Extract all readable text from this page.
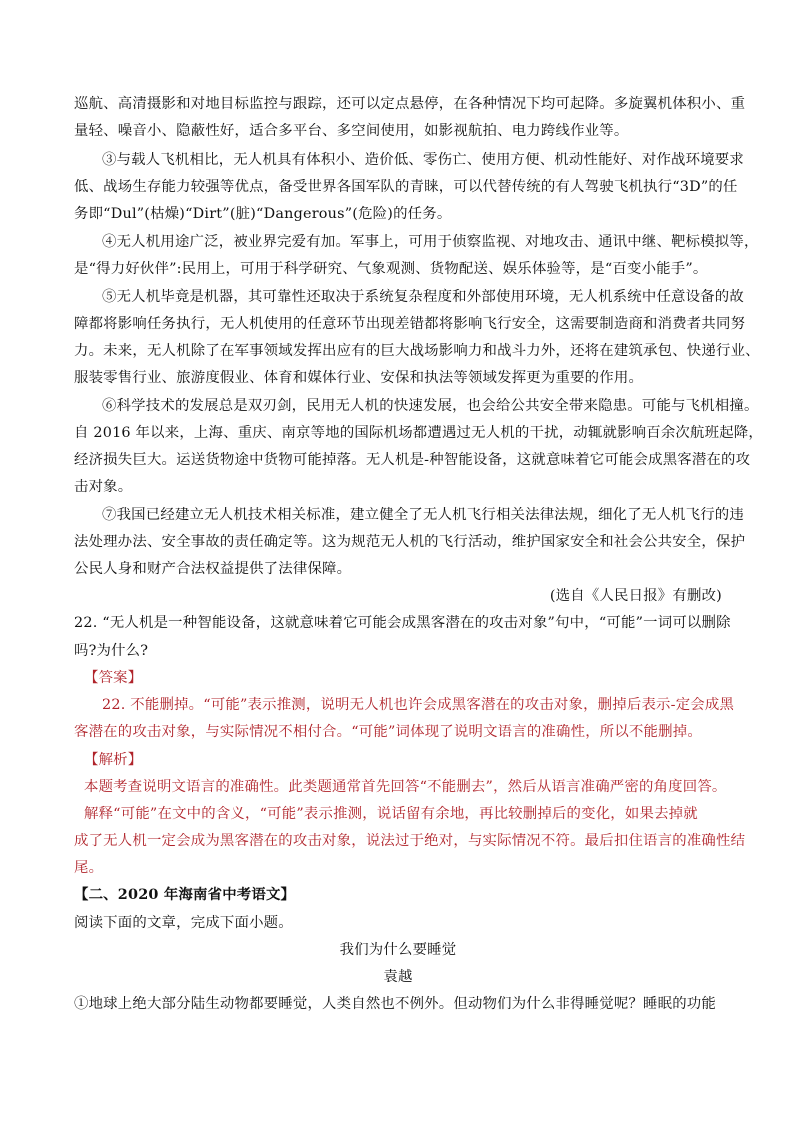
巡航、高清摄影和对地目标监控与跟踪，还可以定点悬停，在各种情况下均可起降。多旋翼机体积小、重
量轻、噪音小、隐蔽性好，适合多平台、多空间使用，如影视航拍、电力跨线作业等。
③与载人飞机相比，无人机具有体积小、造价低、零伤亡、使用方便、机动性能好、对作战环境要求
低、战场生存能力较强等优点，备受世界各国军队的青睐，可以代替传统的有人驾驶飞机执行“3D”的任
务即“Dul”(枯燥)“Dirt”(脏)“Dangerous”(危险)的任务。
④无人机用途广泛，被业界完爱有加。军事上，可用于侦察监视、对地攻击、通讯中继、靶标模拟等，
是“得力好伙伴”:民用上，可用于科学研究、气象观测、货物配送、娱乐体验等，是“百变小能手”。
⑤无人机毕竟是机器，其可靠性还取决于系统复杂程度和外部使用环境，无人机系统中任意设备的故
障都将影响任务执行，无人机使用的任意环节出现差错都将影响飞行安全，这需要制造商和消费者共同努
力。未来，无人机除了在军事领域发挥出应有的巨大战场影响力和战斗力外，还将在建筑承包、快递行业、
服装零售行业、旅游度假业、体育和媒体行业、安保和执法等领域发挥更为重要的作用。
⑥科学技术的发展总是双刃剑，民用无人机的快速发展，也会给公共安全带来隐患。可能与飞机相撞。
自 2016 年以来，上海、重庆、南京等地的国际机场都遭遇过无人机的干扰，动辄就影响百余次航班起降，
经济损失巨大。运送货物途中货物可能掉落。无人机是-种智能设备，这就意味着它可能会成黑客潜在的攻
击对象。
⑦我国已经建立无人机技术相关标准，建立健全了无人机飞行相关法律法规，细化了无人机飞行的违
法处理办法、安全事故的责任确定等。这为规范无人机的飞行活动，维护国家安全和社会公共安全，保护
公民人身和财产合法权益提供了法律保障。
(选自《人民日报》有删改)
22. “无人机是一种智能设备，这就意味着它可能会成黑客潜在的攻击对象”句中，“可能”一词可以删除
吗?为什么?
【答案】
22. 不能删掉。“可能”表示推测，说明无人机也许会成黑客潜在的攻击对象，删掉后表示-定会成黑
客潜在的攻击对象，与实际情况不相付合。“可能”词体现了说明文语言的准确性，所以不能删掉。
【解析】
本题考查说明文语言的准确性。此类题通常首先回答“不能删去”，然后从语言准确严密的角度回答。
解释“可能”在文中的含义，“可能”表示推测，说话留有余地，再比较删掉后的变化，如果去掉就
成了无人机一定会成为黑客潜在的攻击对象，说法过于绝对，与实际情况不符。最后扣住语言的准确性结
尾。
【二、2020 年海南省中考语文】
阅读下面的文章，完成下面小题。
我们为什么要睡觉
袁越
①地球上绝大部分陆生动物都要睡觉，人类自然也不例外。但动物们为什么非得睡觉呢？睡眠的功能
